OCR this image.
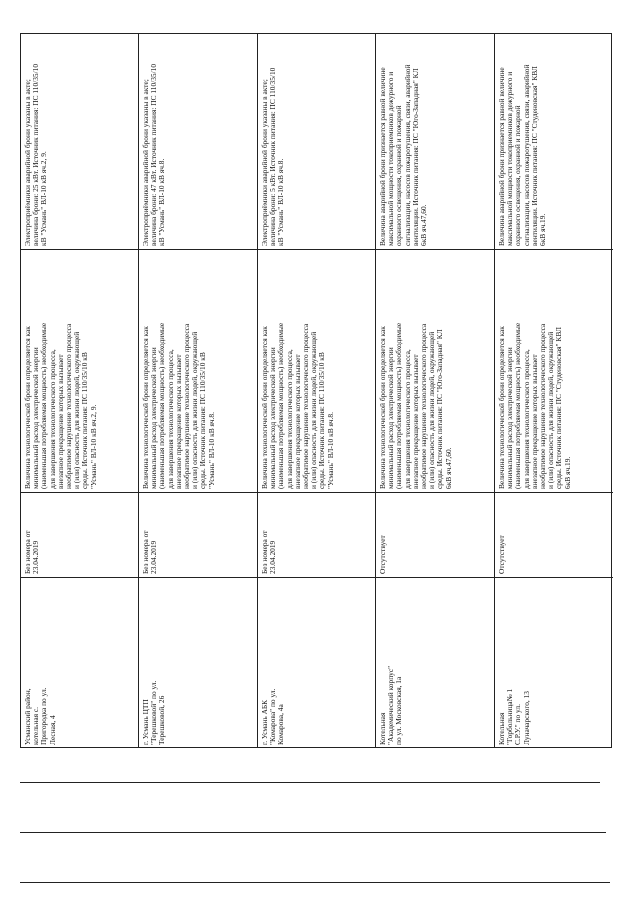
Электроприёмники аварийной брони указаны в акте;
величина брони: 25 кВт. Источник питания: ПС 110/35/10
кВ "Усмань" ВЛ-10 кВ яч.2, 9.
Величина технологической брони определяется как
минимальный расход электрической энергии
(наименьшая потребляемая мощность) необходимые
для завершения технологического процесса,
внезапное прекращение которых вызывает
необратимое нарушение технологического процесса
и (или) опасность для жизни людей, окружающей
среды. Источник питания: ПС 110/35/10 кВ
"Усмань" ВЛ-10 кВ яч.2, 9.
Без номера от
23.04.2019
Усманский район,
котельная с.
Пригородка по ул.
Лесная, 4
Электроприёмники аварийной брони указаны в акте;
величина брони: 47 кВт. Источник питания: ПС 110/35/10
кВ "Усмань" ВЛ-10 кВ яч.8.
Величина технологической брони определяется как
минимальный расход электрической энергии
(наименьшая потребляемая мощность) необходимые
для завершения технологического процесса,
внезапное прекращение которых вызывает
необратимое нарушение технологического процесса
и (или) опасность для жизни людей, окружающей
среды. Источник питания: ПС 110/35/10 кВ
"Усмань" ВЛ-10 кВ яч.8.
Без номера от
23.04.2019
г. Усмань ЦТП
"Терешковой" по ул.
Терешковой, 26
Электроприёмники аварийной брони указаны в акте;
величина брони: 5 кВт. Источник питания: ПС 110/35/10
кВ "Усмань" ВЛ-10 кВ яч.8.
Величина технологической брони определяется как
минимальный расход электрической энергии
(наименьшая потребляемая мощность) необходимые
для завершения технологического процесса,
внезапное прекращение которых вызывает
необратимое нарушение технологического процесса
и (или) опасность для жизни людей, окружающей
среды. Источник питания: ПС 110/35/10 кВ
"Усмань" ВЛ-10 кВ яч.8.
Без номера от
23.04.2019
г. Усмань АБК
"Комарова" по ул.
Комарова, 4а
Величина аварийной брони признается равной величине
максимальной мощности токоприемников дежурного и
охранного освещения, охранной и пожарной
сигнализации, насосов пожаротушения, связи, аварийной
вентиляции. Источник питания: ПС "Юго-Западная" КЛ
6кВ яч.47,60.
Величина технологической брони определяется как
минимальный расход электрической энергии
(наименьшая потребляемая мощность) необходимые
для завершения технологического процесса,
внезапное прекращение которых вызывает
необратимое нарушение технологического процесса
и (или) опасность для жизни людей, окружающей
среды. Источник питания: ПС "Юго-Западная" КЛ
6кВ яч.47,60.
Отсутствует
Котельная
"Академический корпус"
по ул. Московская, 1а
Величина аварийной брони признается равной величине
максимальной мощности токоприемников дежурного и
охранного освещения, охранной и пожарной
сигнализации, насосов пожаротушения, связи, аварийной
вентиляции. Источник питания: ПС "Студеновская" КВЛ
6кВ яч.19.
Величина технологической брони определяется как
минимальный расход электрической энергии
(наименьшая потребляемая мощность) необходимые
для завершения технологического процесса,
внезапное прекращение которых вызывает
необратимое нарушение технологического процесса
и (или) опасность для жизни людей, окружающей
среды. Источник питания: ПС "Студеновская" КВЛ
6кВ яч.19.
Отсутствует
Котельная
"Горбольница№ 1
С.Р.У." по ул.
Луначарского, 13
